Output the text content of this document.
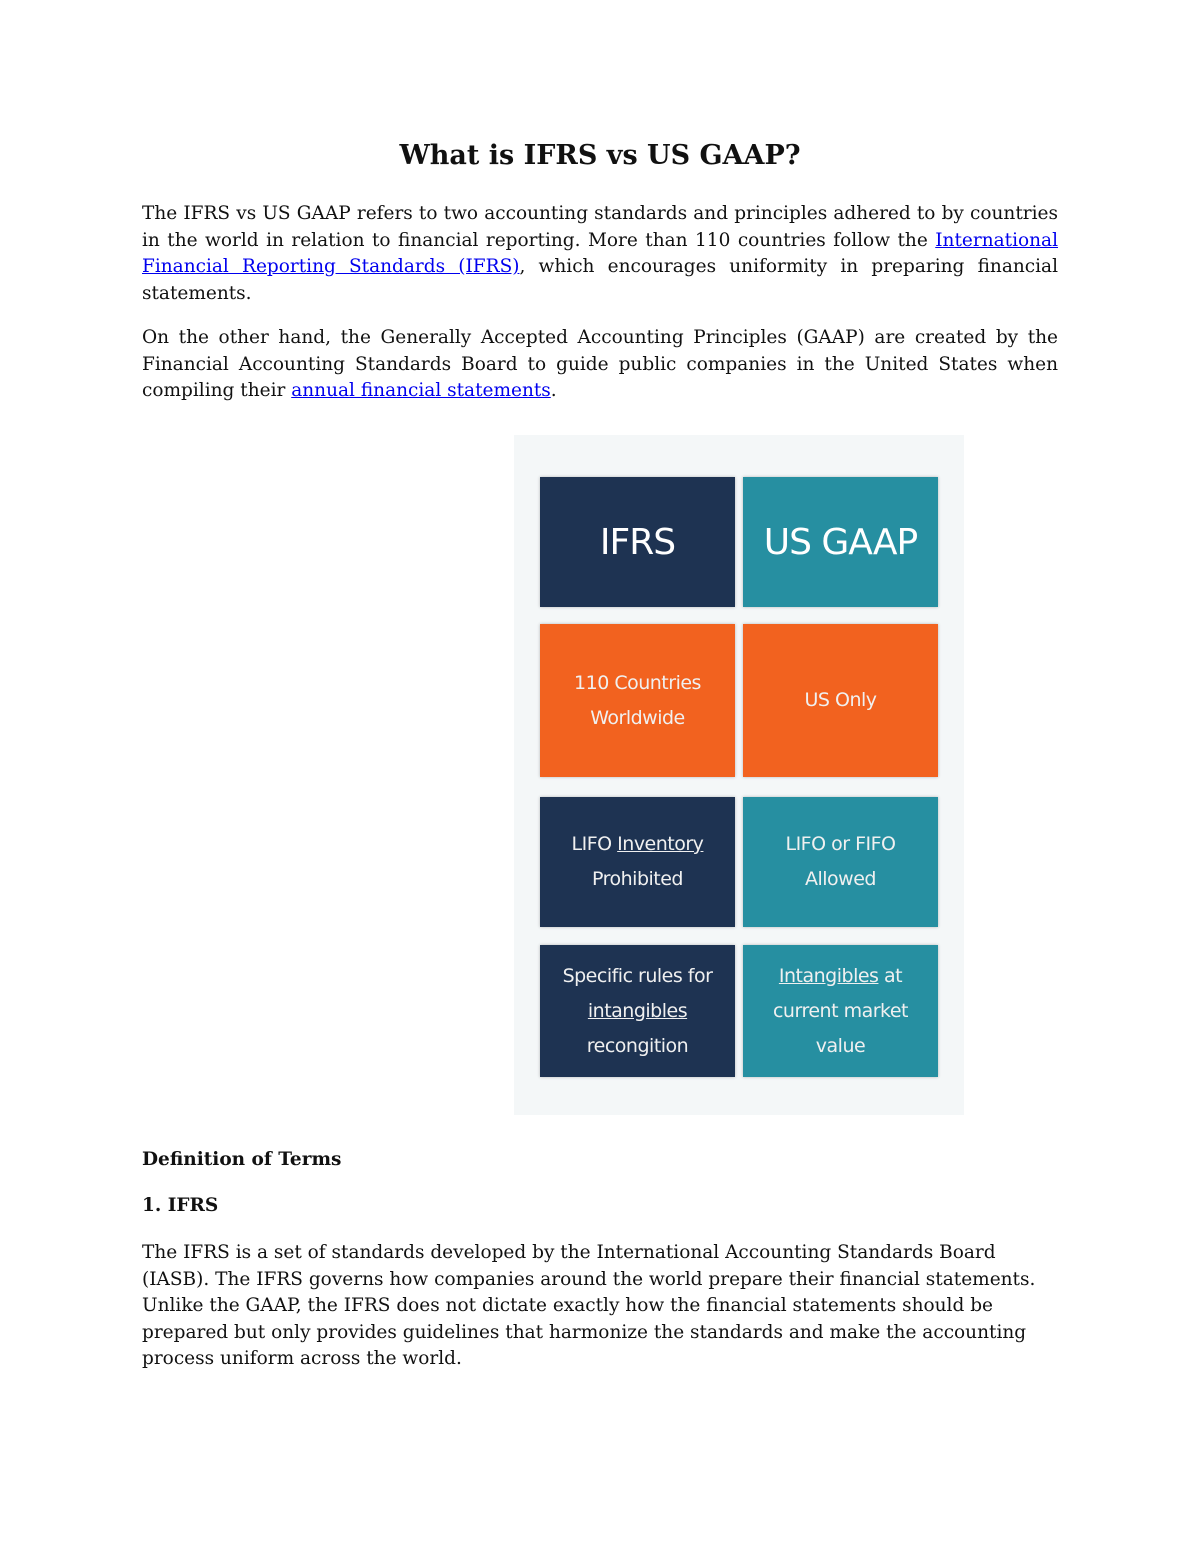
What is IFRS vs US GAAP?

The IFRS vs US GAAP refers to two accounting standards and principles adhered to by countries in the world in relation to financial reporting. More than 110 countries follow the International Financial Reporting Standards (IFRS), which encourages uniformity in preparing financial statements.

On the other hand, the Generally Accepted Accounting Principles (GAAP) are created by the Financial Accounting Standards Board to guide public companies in the United States when compiling their annual financial statements.

IFRS US GAAP
110 Countries
Worldwide
US Only
LIFO Inventory
Prohibited
LIFO or FIFO
Allowed
Specific rules for
intangibles
recongition
Intangibles at
current market
value

Definition of Terms

1. IFRS

The IFRS is a set of standards developed by the International Accounting Standards Board (IASB). The IFRS governs how companies around the world prepare their financial statements. Unlike the GAAP, the IFRS does not dictate exactly how the financial statements should be prepared but only provides guidelines that harmonize the standards and make the accounting process uniform across the world.
